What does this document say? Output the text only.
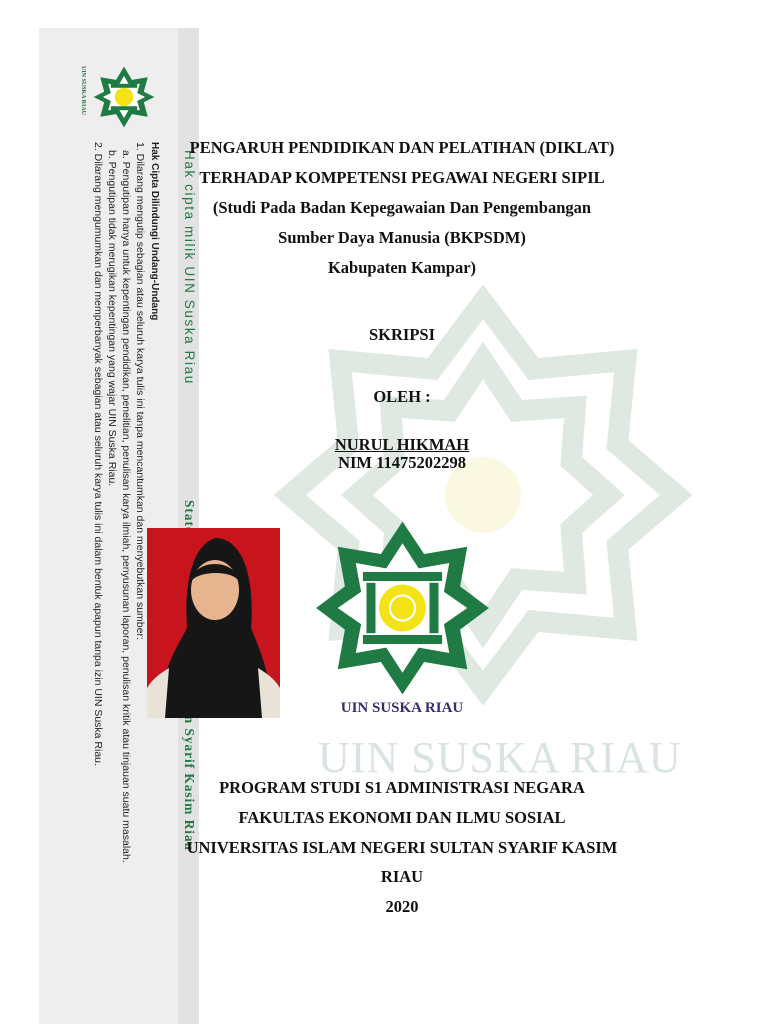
UIN SUSKA RIAU
Hak Cipta Dilindungi Undang-Undang
1. Dilarang mengutip sebagian atau seluruh karya tulis ini tanpa mencantumkan dan menyebutkan sumber:
a. Pengutipan hanya untuk kepentingan pendidikan, penelitian, penulisan karya ilmiah, penyusunan laporan, penulisan kritik atau tinjauan suatu masalah.
b. Pengutipan tidak merugikan kepentingan yang wajar UIN Suska Riau.
2. Dilarang mengumumkan dan memperbanyak sebagian atau seluruh karya tulis ini dalam bentuk apapun tanpa izin UIN Suska Riau.	Hak cipta milik UIN Suska Riau
UIN SUSKA RIAU
PENGARUH PENDIDIKAN DAN PELATIHAN (DIKLAT)
TERHADAP KOMPETENSI PEGAWAI NEGERI SIPIL
(Studi Pada Badan Kepegawaian Dan Pengembangan
Sumber Daya Manusia (BKPSDM)
Kabupaten Kampar)
SKRIPSI
OLEH :
NURUL HIKMAH
NIM 11475202298
UIN SUSKA RIAU
PROGRAM STUDI S1 ADMINISTRASI NEGARA
FAKULTAS EKONOMI DAN ILMU SOSIAL
UNIVERSITAS ISLAM NEGERI SULTAN SYARIF KASIM
RIAU
2020
